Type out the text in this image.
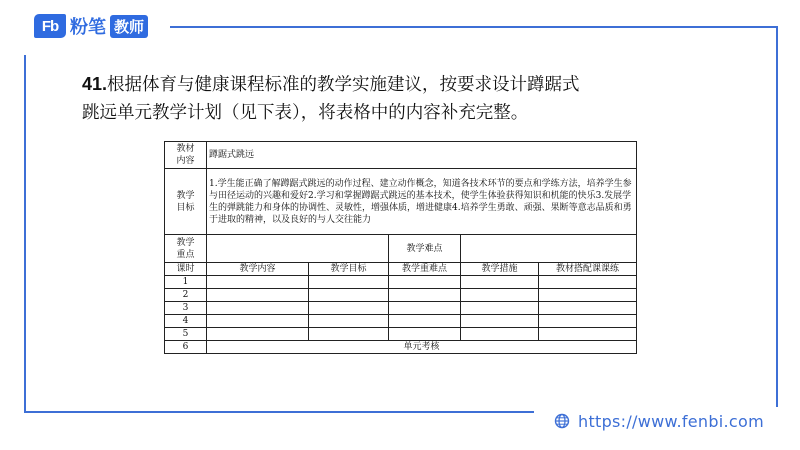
Fb 粉笔 教师

41.根据体育与健康课程标准的教学实施建议，按要求设计蹲踞式
跳远单元教学计划（见下表），将表格中的内容补充完整。

教材
内容	蹲踞式跳远				
教学
目标	1.学生能正确了解蹲踞式跳远的动作过程、建立动作概念，知道各技术环节的要点和学练方法，培养学生参与田径运动的兴趣和爱好2.学习和掌握蹲踞式跳远的基本技术，使学生体验获得知识和机能的快乐3.发展学生的弹跳能力和身体的协调性、灵敏性，增强体质，增进健康4.培养学生勇敢、顽强、果断等意志品质和勇于进取的精神，以及良好的与人交往能力				
教学
重点			教学难点		
课时	教学内容	教学目标	教学重难点	教学措施	教材搭配课课练
1					
2					
3					
4					
5					
6	单元考核				
https://www.fenbi.com
